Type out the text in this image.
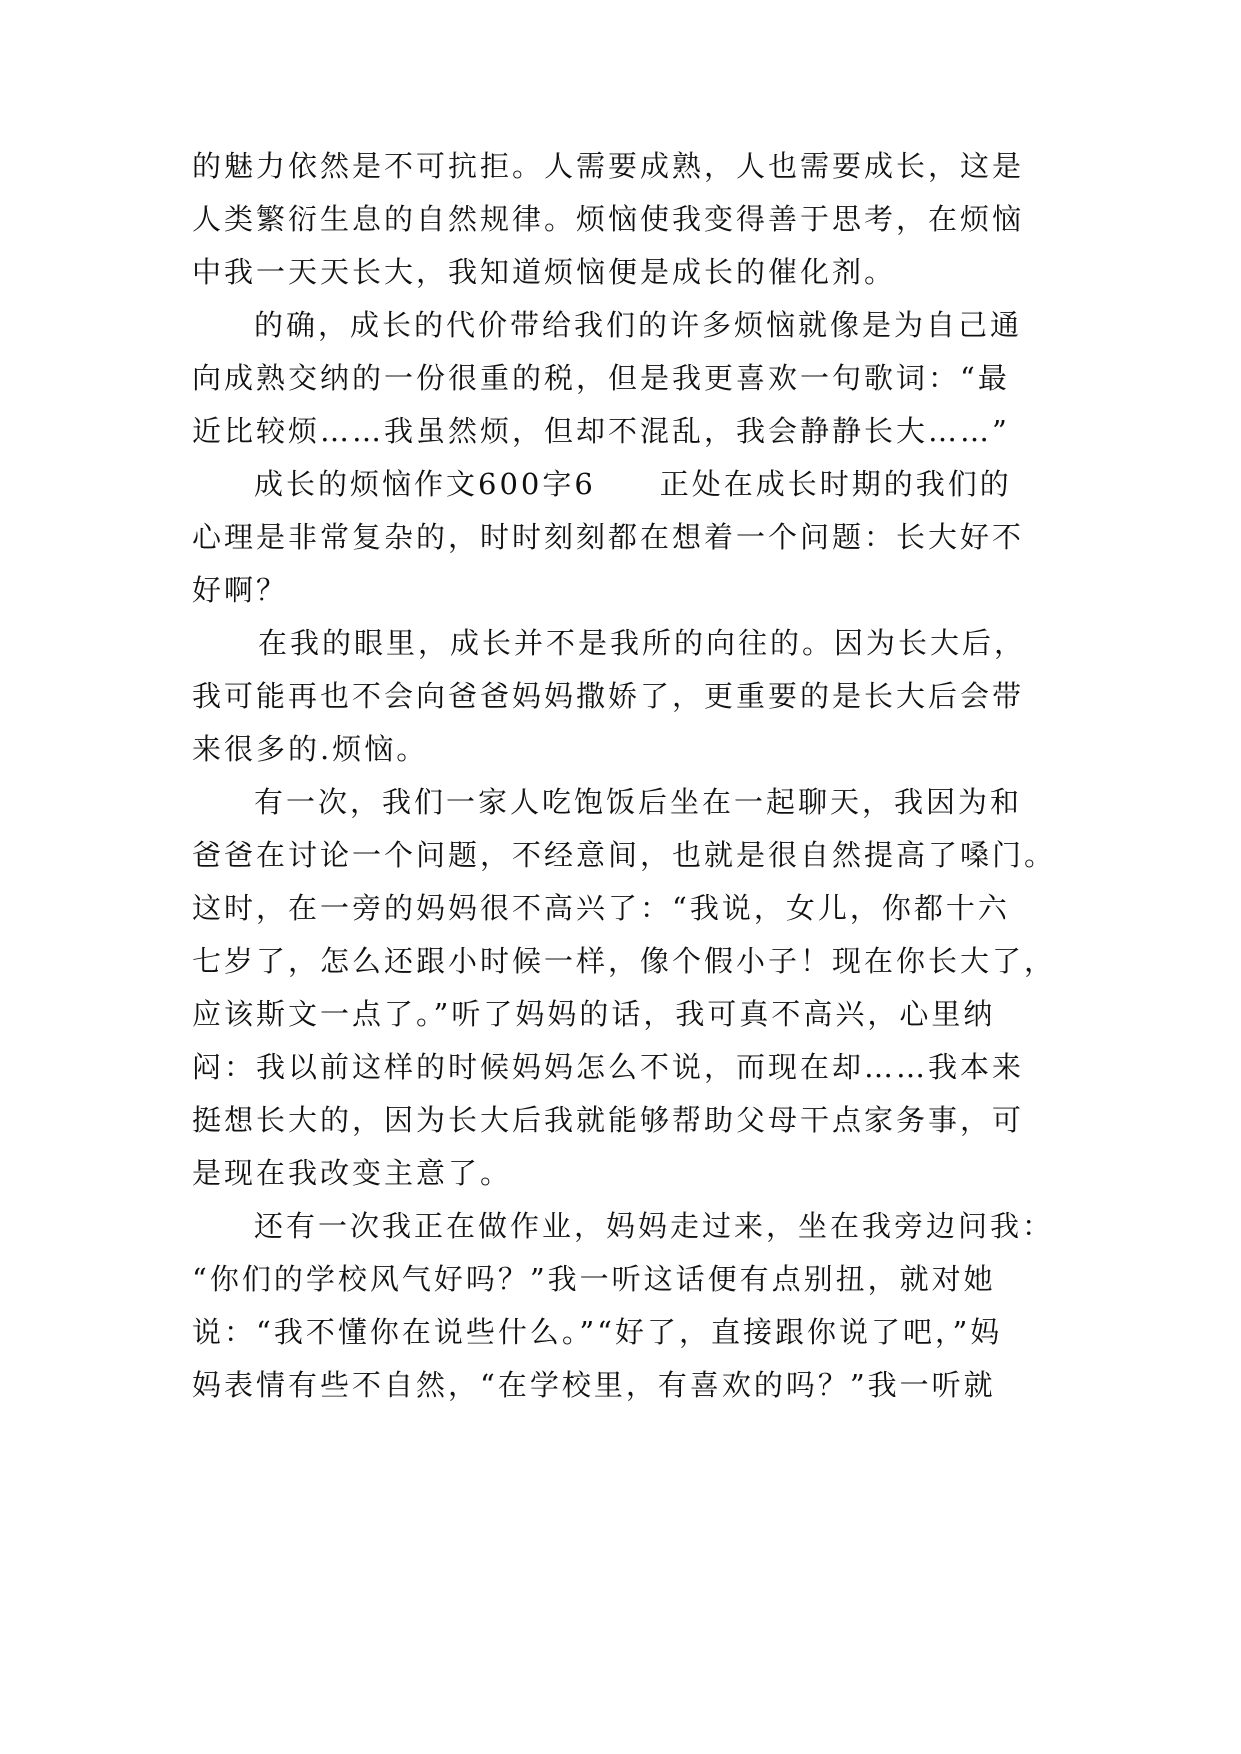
的魅力依然是不可抗拒。人需要成熟，人也需要成长，这是
人类繁衍生息的自然规律。烦恼使我变得善于思考，在烦恼
中我一天天长大，我知道烦恼便是成长的催化剂。
的确，成长的代价带给我们的许多烦恼就像是为自己通
向成熟交纳的一份很重的税，但是我更喜欢一句歌词：“最
近比较烦……我虽然烦，但却不混乱，我会静静长大……”
成长的烦恼作文600字6　　正处在成长时期的我们的
心理是非常复杂的，时时刻刻都在想着一个问题：长大好不
好啊？
在我的眼里，成长并不是我所的向往的。因为长大后，
我可能再也不会向爸爸妈妈撒娇了，更重要的是长大后会带
来很多的.烦恼。
有一次，我们一家人吃饱饭后坐在一起聊天，我因为和
爸爸在讨论一个问题，不经意间，也就是很自然提高了嗓门。
这时，在一旁的妈妈很不高兴了：“我说，女儿，你都十六
七岁了，怎么还跟小时候一样，像个假小子！现在你长大了，
应该斯文一点了。”听了妈妈的话，我可真不高兴，心里纳
闷：我以前这样的时候妈妈怎么不说，而现在却……我本来
挺想长大的，因为长大后我就能够帮助父母干点家务事，可
是现在我改变主意了。
还有一次我正在做作业，妈妈走过来，坐在我旁边问我：
“你们的学校风气好吗？”我一听这话便有点别扭，就对她
说：“我不懂你在说些什么。”“好了，直接跟你说了吧，”妈
妈表情有些不自然，“在学校里，有喜欢的吗？”我一听就
